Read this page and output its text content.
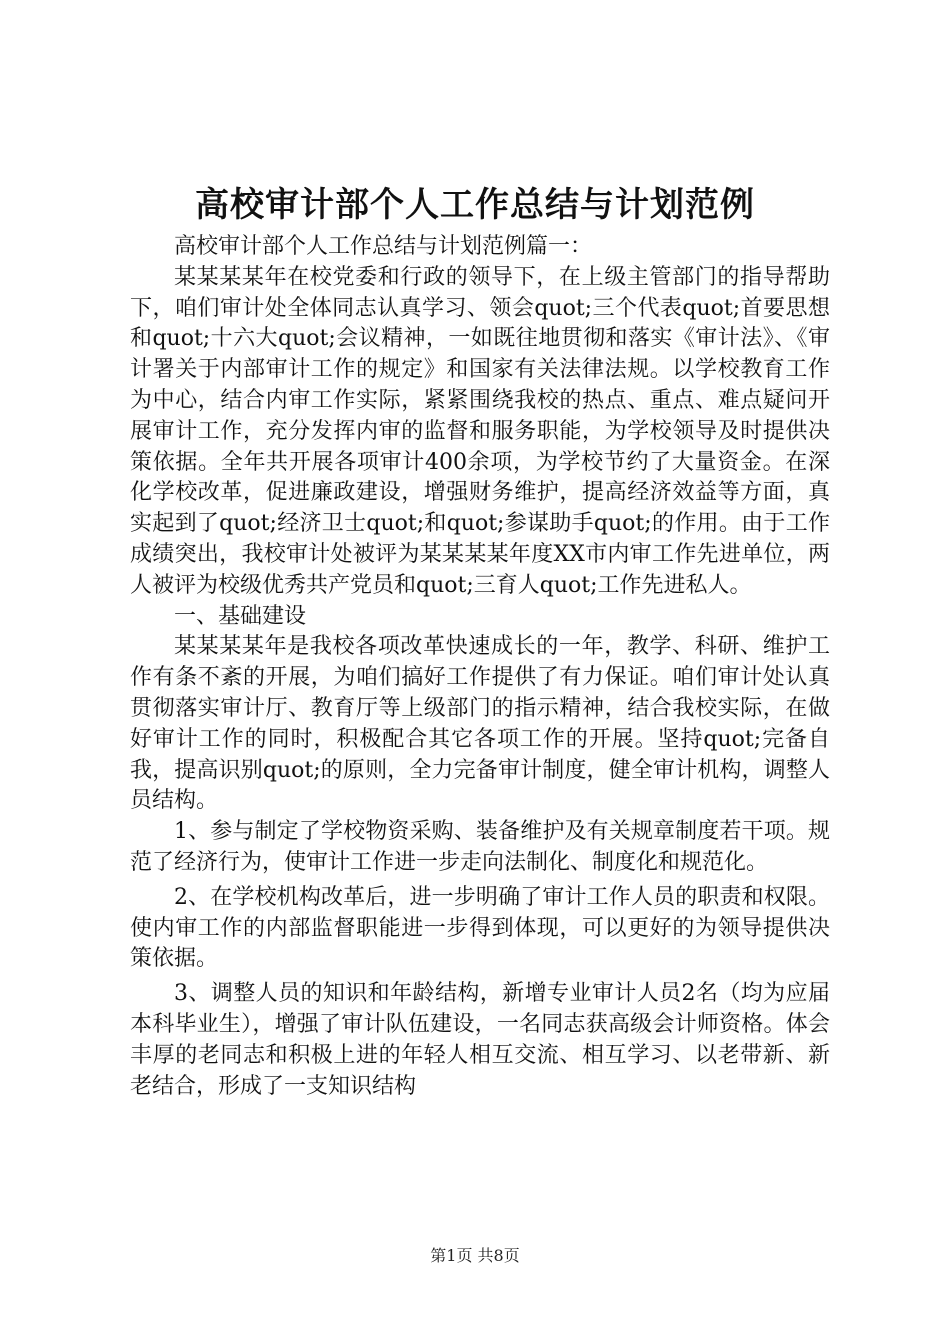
高校审计部个人工作总结与计划范例

高校审计部个人工作总结与计划范例篇一：

某某某某年在校党委和行政的领导下，在上级主管部门的指导帮助下，咱们审计处全体同志认真学习、领会quot;三个代表quot;首要思想和quot;十六大quot;会议精神，一如既往地贯彻和落实《审计法》、《审计署关于内部审计工作的规定》和国家有关法律法规。以学校教育工作为中心，结合内审工作实际，紧紧围绕我校的热点、重点、难点疑问开展审计工作，充分发挥内审的监督和服务职能，为学校领导及时提供决策依据。全年共开展各项审计400余项，为学校节约了大量资金。在深化学校改革，促进廉政建设，增强财务维护，提高经济效益等方面，真实起到了quot;经济卫士quot;和quot;参谋助手quot;的作用。由于工作成绩突出，我校审计处被评为某某某某年度XX市内审工作先进单位，两人被评为校级优秀共产党员和quot;三育人quot;工作先进私人。

一、基础建设

某某某某年是我校各项改革快速成长的一年，教学、科研、维护工作有条不紊的开展，为咱们搞好工作提供了有力保证。咱们审计处认真贯彻落实审计厅、教育厅等上级部门的指示精神，结合我校实际，在做好审计工作的同时，积极配合其它各项工作的开展。坚持quot;完备自我，提高识别quot;的原则，全力完备审计制度，健全审计机构，调整人员结构。

1、参与制定了学校物资采购、装备维护及有关规章制度若干项。规范了经济行为，使审计工作进一步走向法制化、制度化和规范化。

2、在学校机构改革后，进一步明确了审计工作人员的职责和权限。使内审工作的内部监督职能进一步得到体现，可以更好的为领导提供决策依据。

3、调整人员的知识和年龄结构，新增专业审计人员2名（均为应届本科毕业生），增强了审计队伍建设，一名同志获高级会计师资格。体会丰厚的老同志和积极上进的年轻人相互交流、相互学习、以老带新、新老结合，形成了一支知识结构

第1页 共8页
